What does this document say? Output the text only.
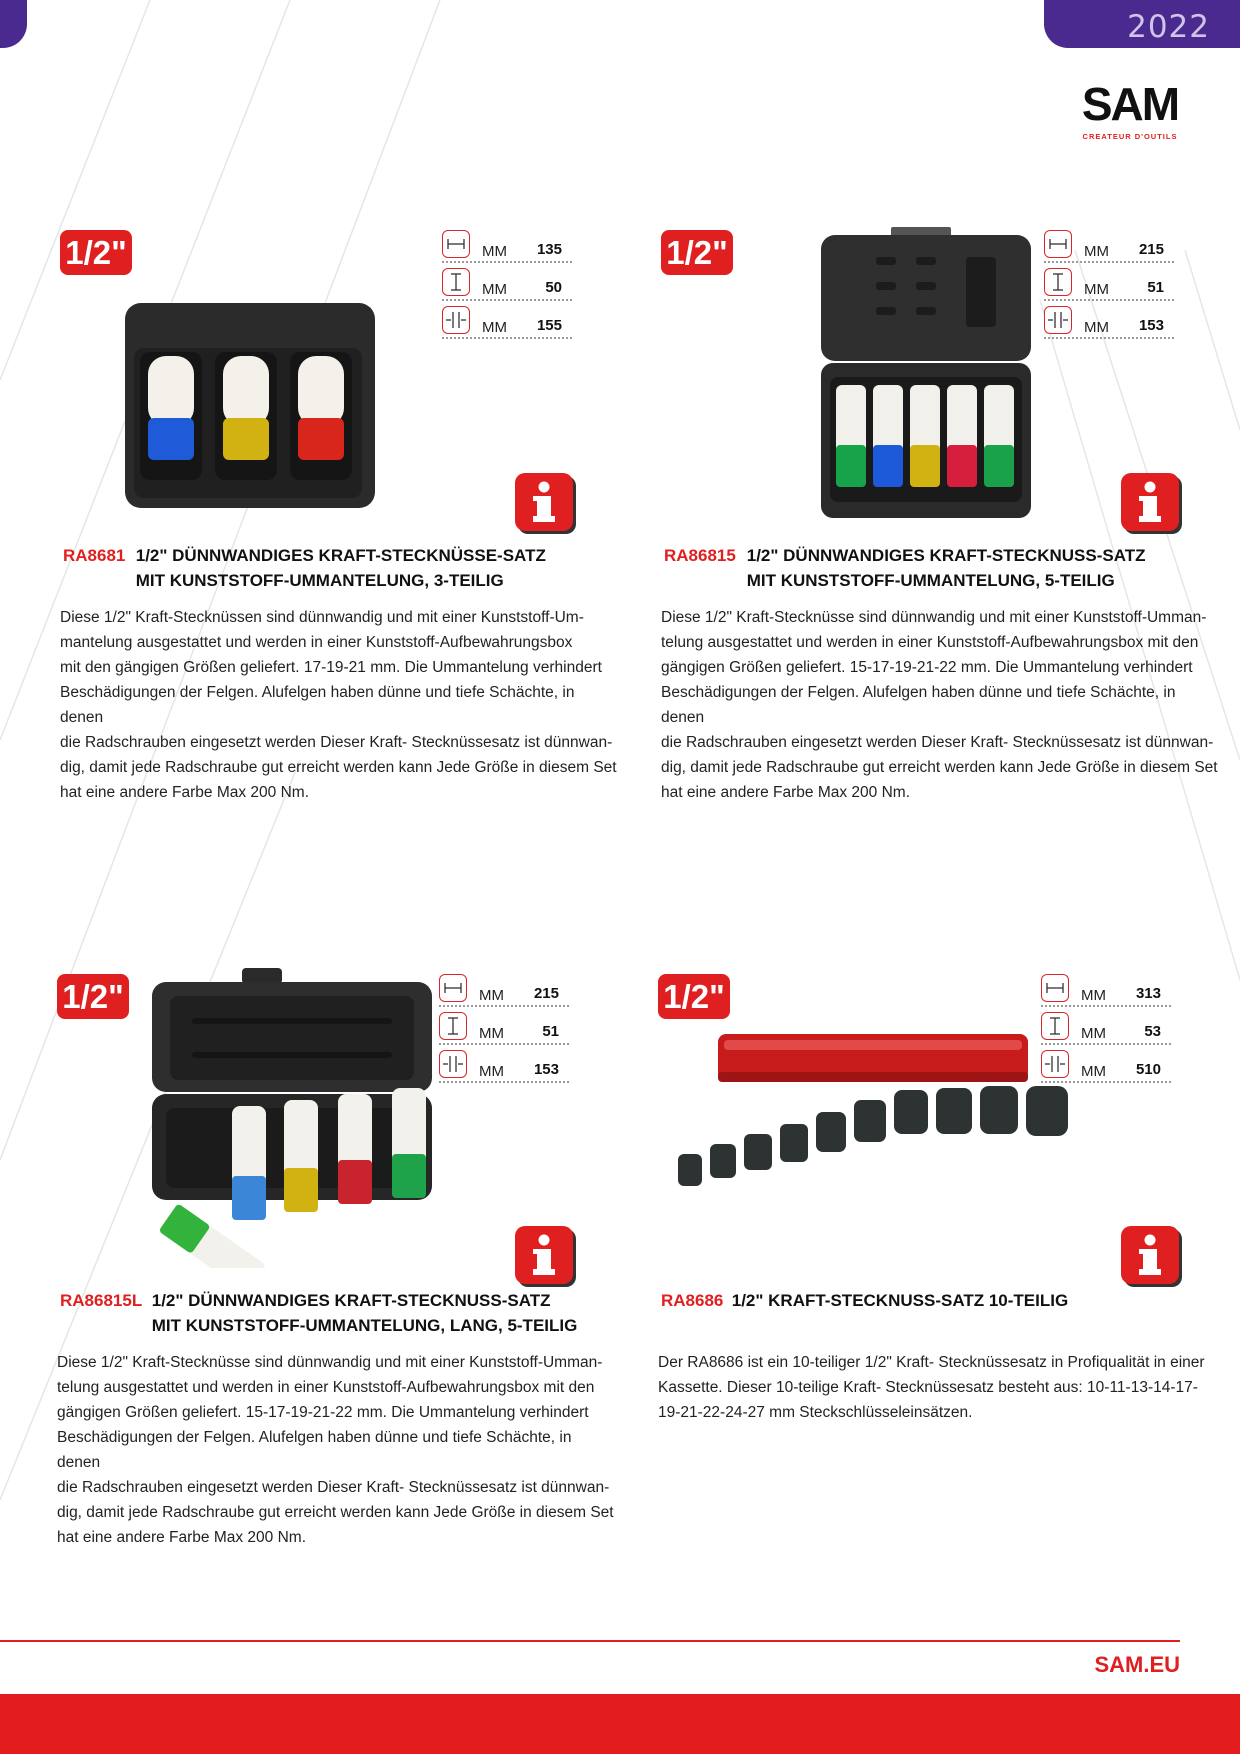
2022
SAM
CREATEUR D'OUTILS
1/2"	MM 135
MM	50
MM 155
RA8681 1/2" DÜNNWANDIGES KRAFT-STECKNÜSSE-SATZ
MIT KUNSTSTOFF-UMMANTELUNG, 3-TEILIG
Diese 1/2" Kraft-Stecknüssen sind dünnwandig und mit einer Kunststoff-Um-
mantelung ausgestattet und werden in einer Kunststoff-Aufbewahrungsbox
mit den gängigen Größen geliefert. 17-19-21 mm. Die Ummantelung verhindert
Beschädigungen der Felgen. Alufelgen haben dünne und tiefe Schächte, in denen
die Radschrauben eingesetzt werden Dieser Kraft- Stecknüssesatz ist dünnwan-
dig, damit jede Radschraube gut erreicht werden kann Jede Größe in diesem Set
hat eine andere Farbe Max 200 Nm.
1/2"	MM 215
MM	51
MM 153
RA86815 1/2" DÜNNWANDIGES KRAFT-STECKNUSS-SATZ
MIT KUNSTSTOFF-UMMANTELUNG, 5-TEILIG
Diese 1/2" Kraft-Stecknüsse sind dünnwandig und mit einer Kunststoff-Umman-
telung ausgestattet und werden in einer Kunststoff-Aufbewahrungsbox mit den
gängigen Größen geliefert. 15-17-19-21-22 mm. Die Ummantelung verhindert
Beschädigungen der Felgen. Alufelgen haben dünne und tiefe Schächte, in denen
die Radschrauben eingesetzt werden Dieser Kraft- Stecknüssesatz ist dünnwan-
dig, damit jede Radschraube gut erreicht werden kann Jede Größe in diesem Set
hat eine andere Farbe Max 200 Nm.
1/2"	MM 215
MM	51
MM 153
RA86815L 1/2" DÜNNWANDIGES KRAFT-STECKNUSS-SATZ
MIT KUNSTSTOFF-UMMANTELUNG, LANG, 5-TEILIG
Diese 1/2" Kraft-Stecknüsse sind dünnwandig und mit einer Kunststoff-Umman-
telung ausgestattet und werden in einer Kunststoff-Aufbewahrungsbox mit den
gängigen Größen geliefert. 15-17-19-21-22 mm. Die Ummantelung verhindert
Beschädigungen der Felgen. Alufelgen haben dünne und tiefe Schächte, in denen
die Radschrauben eingesetzt werden Dieser Kraft- Stecknüssesatz ist dünnwan-
dig, damit jede Radschraube gut erreicht werden kann Jede Größe in diesem Set
hat eine andere Farbe Max 200 Nm.
1/2"	MM 313
MM	53
MM 510
RA8686 1/2" KRAFT-STECKNUSS-SATZ 10-TEILIG
Der RA8686 ist ein 10-teiliger 1/2" Kraft- Stecknüssesatz in Profiqualität in einer
Kassette. Dieser 10-teilige Kraft- Stecknüssesatz besteht aus: 10-11-13-14-17-
19-21-22-24-27 mm Steckschlüsseleinsätzen.
SAM.EU
